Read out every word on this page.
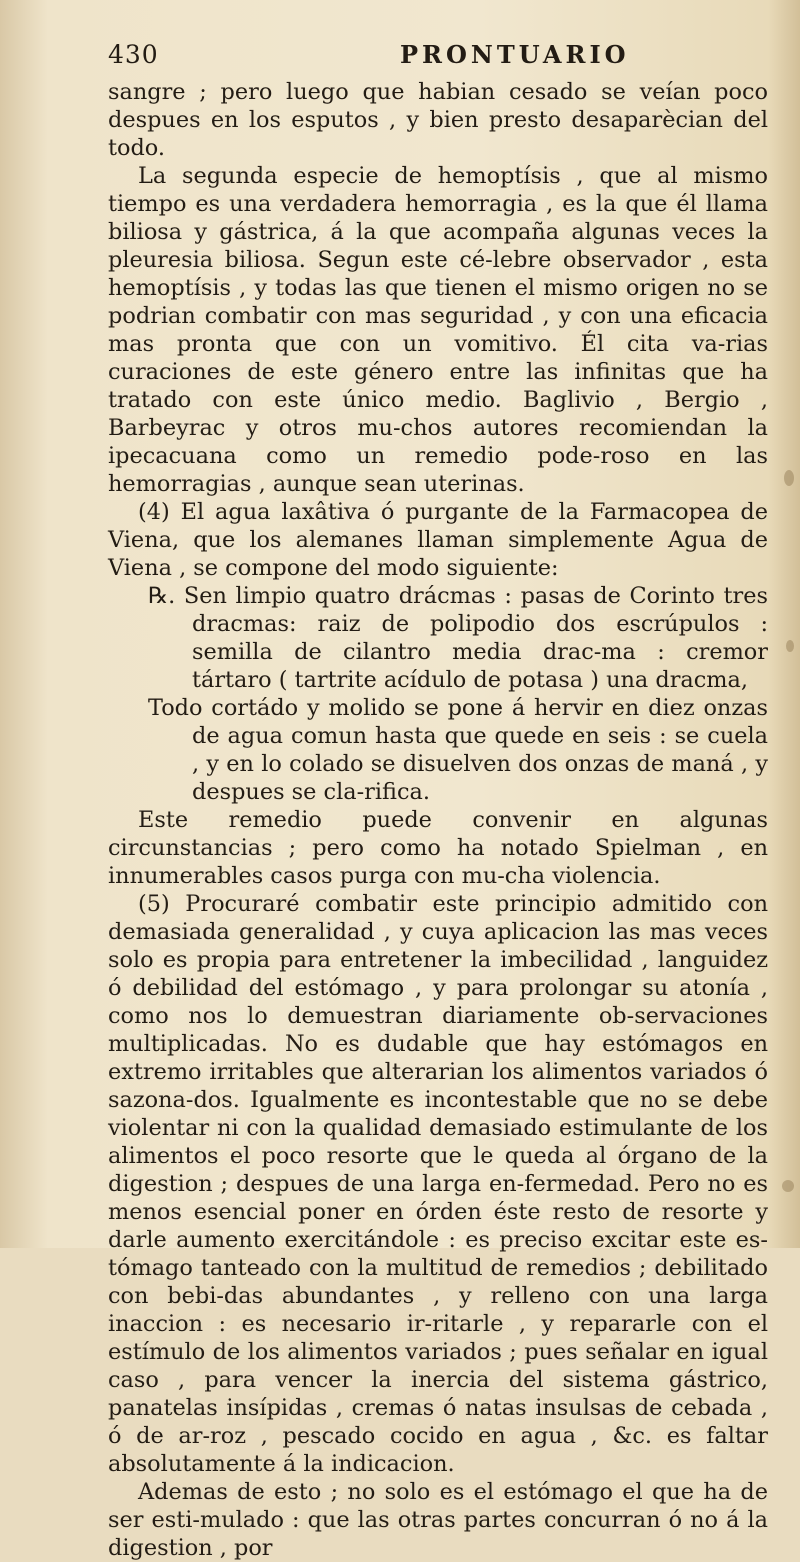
430	PRONTUARIO

sangre ; pero luego que habian cesado se veían poco despues en los esputos , y bien presto desaparècian del todo.

La segunda especie de hemoptísis , que al mismo tiempo es una verdadera hemorragia , es la que él llama biliosa y gástrica, á la que acompaña algunas veces la pleuresia biliosa. Segun este cé-lebre observador , esta hemoptísis , y todas las que tienen el mismo origen no se podrian combatir con mas seguridad , y con una eficacia mas pronta que con un vomitivo. Él cita va-rias curaciones de este género entre las infinitas que ha tratado con este único medio. Baglivio , Bergio , Barbeyrac y otros mu-chos autores recomiendan la ipecacuana como un remedio pode-roso en las hemorragias , aunque sean uterinas.

(4) El agua laxâtiva ó purgante de la Farmacopea de Viena, que los alemanes llaman simplemente Agua de Viena , se compone del modo siguiente:

℞. Sen limpio quatro drácmas : pasas de Corinto tres dracmas: raiz de polipodio dos escrúpulos : semilla de cilantro media drac-ma : cremor tártaro ( tartrite acídulo de potasa ) una dracma,

Todo cortádo y molido se pone á hervir en diez onzas de agua comun hasta que quede en seis : se cuela , y en lo colado se disuelven dos onzas de maná , y despues se cla-rifica.

Este remedio puede convenir en algunas circunstancias ; pero como ha notado Spielman , en innumerables casos purga con mu-cha violencia.

(5) Procuraré combatir este principio admitido con demasiada generalidad , y cuya aplicacion las mas veces solo es propia para entretener la imbecilidad , languidez ó debilidad del estómago , y para prolongar su atonía , como nos lo demuestran diariamente ob-servaciones multiplicadas. No es dudable que hay estómagos en extremo irritables que alterarian los alimentos variados ó sazona-dos. Igualmente es incontestable que no se debe violentar ni con la qualidad demasiado estimulante de los alimentos el poco resorte que le queda al órgano de la digestion ; despues de una larga en-fermedad. Pero no es menos esencial poner en órden éste resto de resorte y darle aumento exercitándole : es preciso excitar este es-tómago tanteado con la multitud de remedios ; debilitado con bebi-das abundantes , y relleno con una larga inaccion : es necesario ir-ritarle , y repararle con el estímulo de los alimentos variados ; pues señalar en igual caso , para vencer la inercia del sistema gástrico, panatelas insípidas , cremas ó natas insulsas de cebada , ó de ar-roz , pescado cocido en agua , &c. es faltar absolutamente á la indicacion.

Ademas de esto ; no solo es el estómago el que ha de ser esti-mulado : que las otras partes concurran ó no á la digestion , por
